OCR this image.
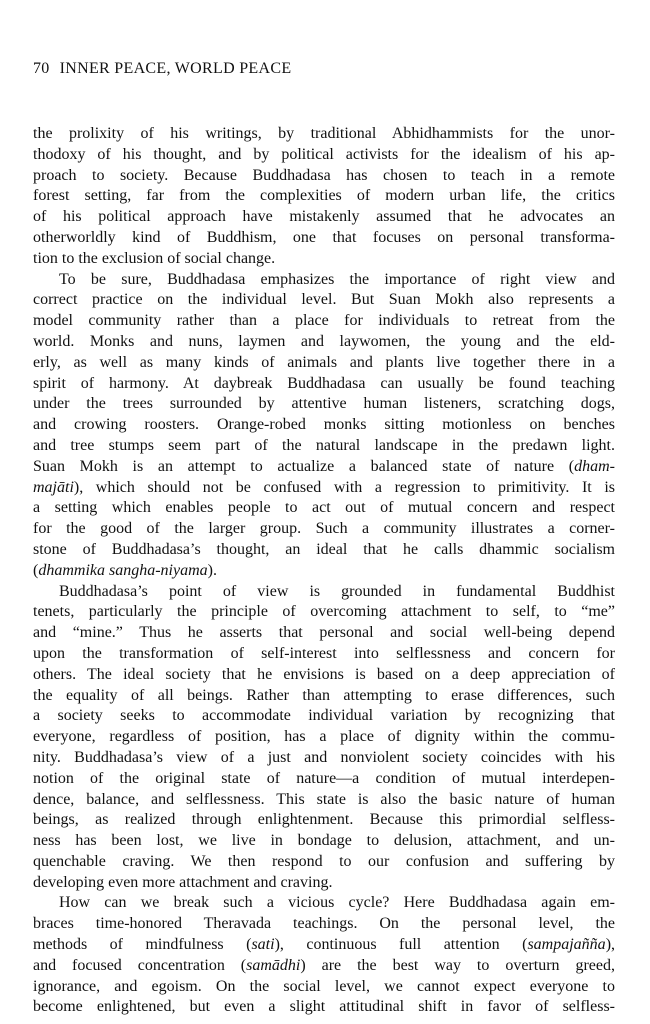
70 INNER PEACE, WORLD PEACE
the prolixity of his writings, by traditional Abhidhammists for the unor-
thodoxy of his thought, and by political activists for the idealism of his ap-
proach to society. Because Buddhadasa has chosen to teach in a remote
forest setting, far from the complexities of modern urban life, the critics
of his political approach have mistakenly assumed that he advocates an
otherworldly kind of Buddhism, one that focuses on personal transforma-
tion to the exclusion of social change.
To be sure, Buddhadasa emphasizes the importance of right view and
correct practice on the individual level. But Suan Mokh also represents a
model community rather than a place for individuals to retreat from the
world. Monks and nuns, laymen and laywomen, the young and the eld-
erly, as well as many kinds of animals and plants live together there in a
spirit of harmony. At daybreak Buddhadasa can usually be found teaching
under the trees surrounded by attentive human listeners, scratching dogs,
and crowing roosters. Orange-robed monks sitting motionless on benches
and tree stumps seem part of the natural landscape in the predawn light.
Suan Mokh is an attempt to actualize a balanced state of nature (dham-
majāti), which should not be confused with a regression to primitivity. It is
a setting which enables people to act out of mutual concern and respect
for the good of the larger group. Such a community illustrates a corner-
stone of Buddhadasa’s thought, an ideal that he calls dhammic socialism
(dhammika sangha-niyama).
Buddhadasa’s point of view is grounded in fundamental Buddhist
tenets, particularly the principle of overcoming attachment to self, to “me”
and “mine.” Thus he asserts that personal and social well-being depend
upon the transformation of self-interest into selflessness and concern for
others. The ideal society that he envisions is based on a deep appreciation of
the equality of all beings. Rather than attempting to erase differences, such
a society seeks to accommodate individual variation by recognizing that
everyone, regardless of position, has a place of dignity within the commu-
nity. Buddhadasa’s view of a just and nonviolent society coincides with his
notion of the original state of nature—a condition of mutual interdepen-
dence, balance, and selflessness. This state is also the basic nature of human
beings, as realized through enlightenment. Because this primordial selfless-
ness has been lost, we live in bondage to delusion, attachment, and un-
quenchable craving. We then respond to our confusion and suffering by
developing even more attachment and craving.
How can we break such a vicious cycle? Here Buddhadasa again em-
braces time-honored Theravada teachings. On the personal level, the
methods of mindfulness (sati), continuous full attention (sampajañña),
and focused concentration (samādhi) are the best way to overturn greed,
ignorance, and egoism. On the social level, we cannot expect everyone to
become enlightened, but even a slight attitudinal shift in favor of selfless-
